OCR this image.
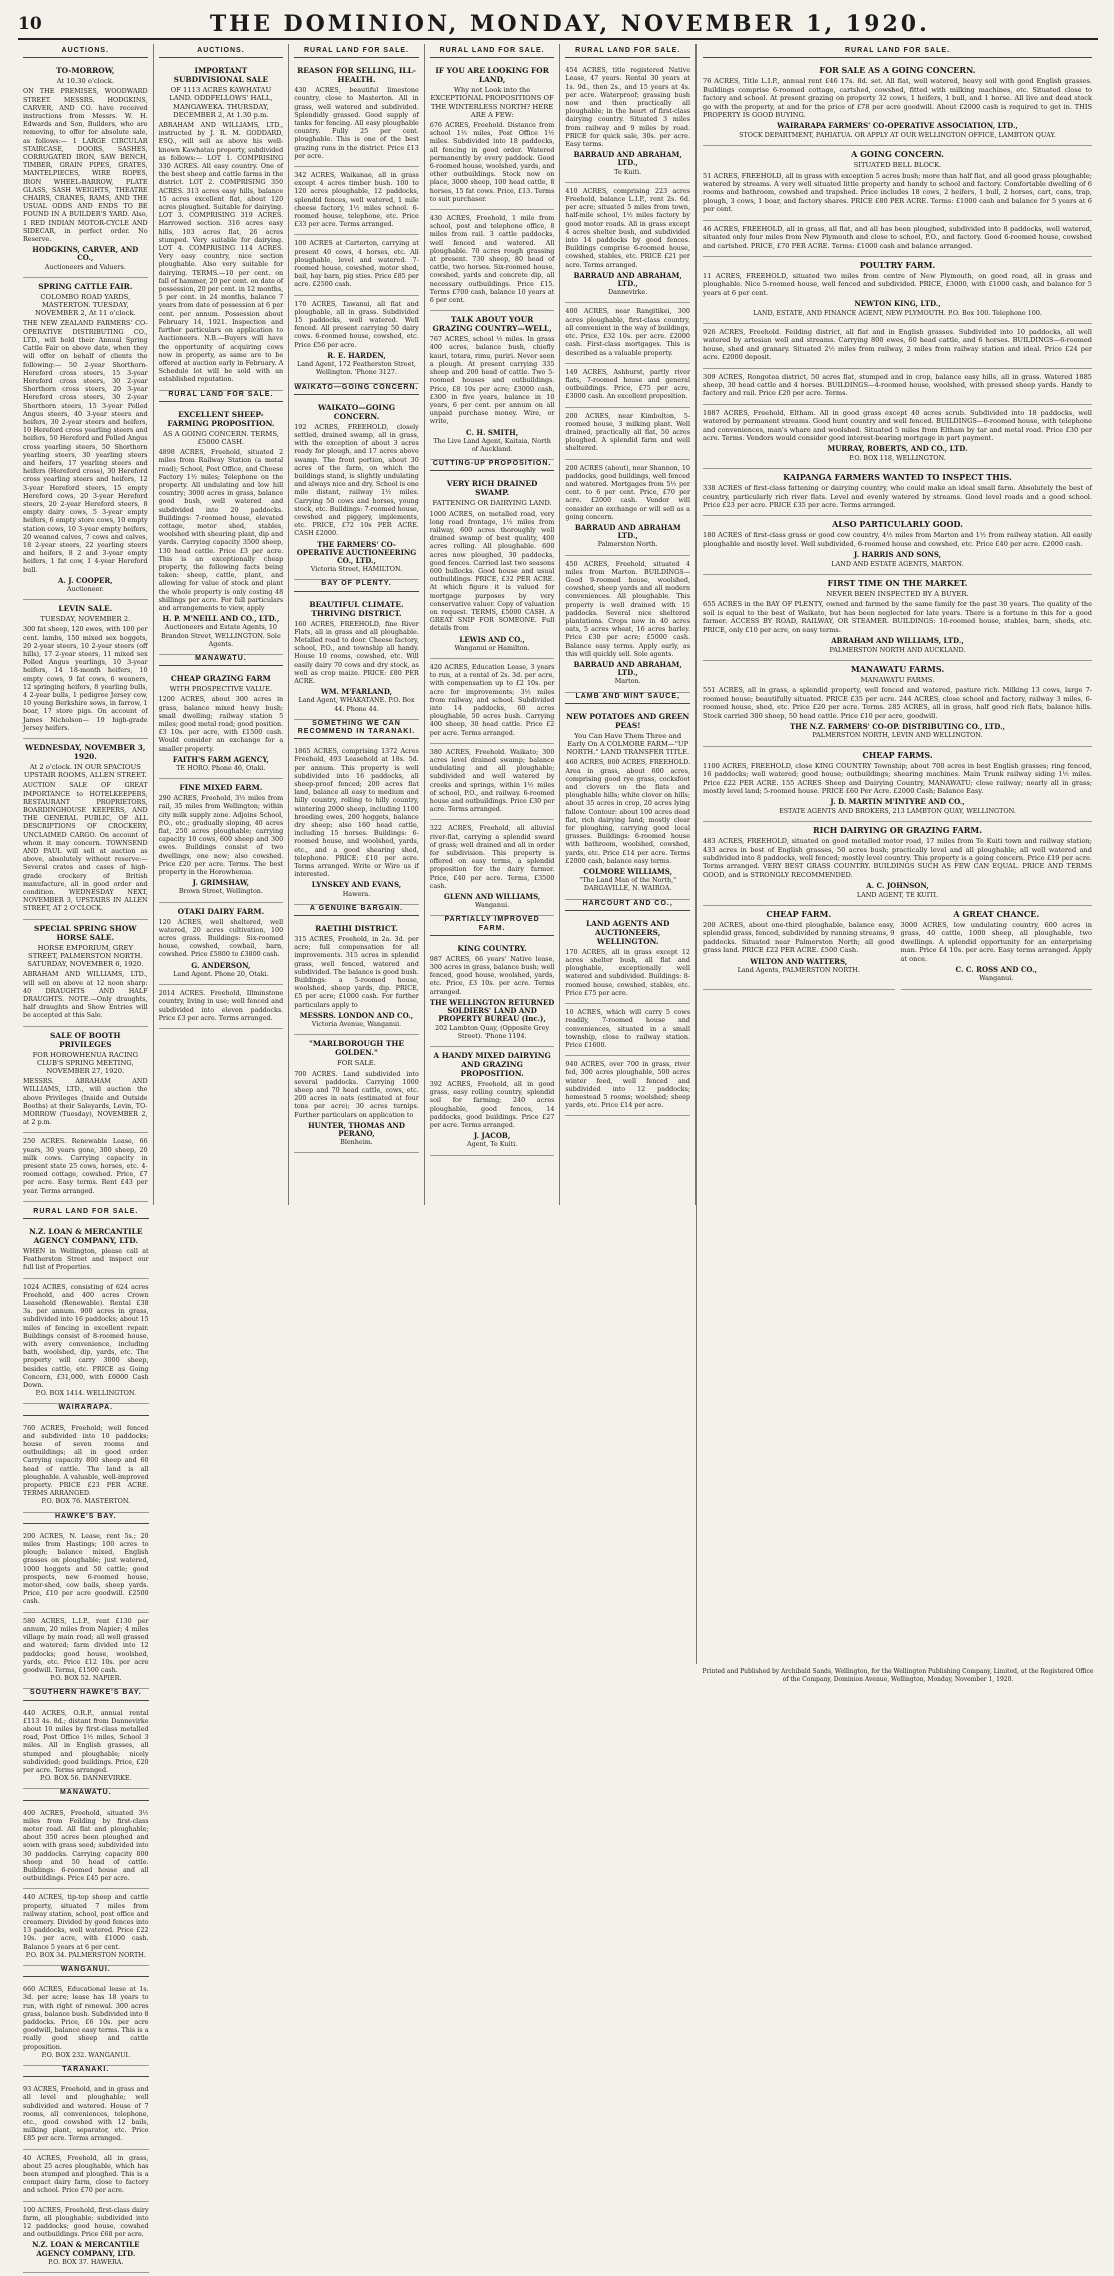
10	THE DOMINION, MONDAY, NOVEMBER 1, 1920.
AUCTIONS.
TO-MORROW,
At 10.30 o'clock.
ON THE PREMISES, WOODWARD STREET. MESSRS. HODGKINS, CARVER, AND CO. have received instructions from Messrs. W. H. Edwards and Son, Builders, who are removing, to offer for absolute sale, as follows:— 1 LARGE CIRCULAR STAIRCASE, DOORS, SASHES, CORRUGATED IRON, SAW BENCH, TIMBER, GRAIN PIPES, GRATES, MANTELPIECES, WIRE ROPES, IRON WHEEL-BARROW, PLATE GLASS, SASH WEIGHTS, THEATRE CHAIRS, CRANES, RAMS, AND THE USUAL ODDS AND ENDS TO BE FOUND IN A BUILDER'S YARD. Also, 1 RED INDIAN MOTOR-CYCLE AND SIDECAR, in perfect order. No Reserve.
HODGKINS, CARVER, AND CO.,
Auctioneers and Valuers.
SPRING CATTLE FAIR.
COLOMBO ROAD YARDS, MASTERTON. TUESDAY, NOVEMBER 2, At 11 o'clock.
THE NEW ZEALAND FARMERS' CO-OPERATIVE DISTRIBUTING CO., LTD., will hold their Annual Spring Cattle Fair on above date, when they will offer on behalf of clients the following:— 50 2-year Shorthorn-Hereford cross steers, 15 3-year Hereford cross steers, 30 2-year Shorthorn cross steers, 20 3-year Hereford cross steers, 30 2-year Shorthorn steers, 15 3-year Polled Angus steers, 40 3-year steers and heifers, 30 2-year steers and heifers, 10 Hereford cross yearling steers and heifers, 50 Hereford and Polled Angus cross yearling steers, 50 Shorthorn yearling steers, 30 yearling steers and heifers, 17 yearling steers and heifers (Hereford cross), 30 Hereford cross yearling steers and heifers, 12 3-year Hereford steers, 15 empty Hereford cows, 20 3-year Hereford steers, 20 2-year Hereford steers, 8 empty dairy cows, 5 3-year empty heifers, 6 empty store cows, 10 empty station cows, 10 3-year empty heifers, 20 weaned calves, 7 cows and calves, 18 2-year steers, 22 yearling steers and heifers, 8 2 and 3-year empty heifers, 1 fat cow, 1 4-year Hereford bull.
A. J. COOPER,
Auctioneer.
LEVIN SALE.
TUESDAY, NOVEMBER 2.
300 fat sheep, 120 ewes, with 100 per cent. lambs, 150 mixed sex hoggets, 20 2-year steers, 10 2-year steers (off hills), 17 2-year steers, 11 mixed sex Polled Angus yearlings, 10 3-year heifers, 14 18-month heifers, 10 empty cows, 9 fat cows, 6 weaners, 12 springing heifers, 8 yearling bulls, 4 2-year bulls, 1 pedigree Jersey cow, 10 young Berkshire sows, in farrow, 1 boar, 17 store pigs. On account of James Nicholson— 19 high-grade Jersey heifers.
WEDNESDAY, NOVEMBER 3, 1920.
At 2 o'clock. IN OUR SPACIOUS UPSTAIR ROOMS, ALLEN STREET.
AUCTION SALE OF GREAT IMPORTANCE to HOTELKEEPERS, RESTAURANT PROPRIETORS, BOARDINGHOUSE KEEPERS, AND THE GENERAL PUBLIC, OF ALL DESCRIPTIONS OF CROCKERY, UNCLAIMED CARGO. On account of whom it may concern. TOWNSEND AND PAUL will sell at auction as above, absolutely without reserve:— Several crates and cases of high-grade crockery of British manufacture, all in good order and condition. WEDNESDAY NEXT, NOVEMBER 3, UPSTAIRS IN ALLEN STREET, AT 2 O'CLOCK.
SPECIAL SPRING SHOW HORSE SALE.
HORSE EMPORIUM, GREY STREET, PALMERSTON NORTH. SATURDAY, NOVEMBER 6, 1920.
ABRAHAM AND WILLIAMS, LTD., will sell on above at 12 noon sharp: 40 DRAUGHTS AND HALF DRAUGHTS. NOTE.—Only draughts, half draughts and Show Entries will be accepted at this Sale.
SALE OF BOOTH PRIVILEGES
FOR HOROWHENUA RACING CLUB'S SPRING MEETING, NOVEMBER 27, 1920.
MESSRS. ABRAHAM AND WILLIAMS, LTD., will auction the above Privileges (Inside and Outside Booths) at their Saleyards, Levin, TO-MORROW (Tuesday), NOVEMBER 2, at 2 p.m.
250 ACRES. Renewable Lease, 66 years, 30 years gone, 300 sheep, 20 milk cows. Carrying capacity in present state 25 cows, horses, etc. 4-roomed cottage, cowshed. Price, £7 per acre. Easy terms. Rent £43 per year. Terms arranged.
AUCTIONS.
IMPORTANT SUBDIVISIONAL SALE
OF 1113 ACRES KAWHATAU LAND. ODDFELLOWS' HALL, MANGAWEKA. THURSDAY, DECEMBER 2, At 1.30 p.m.
ABRAHAM AND WILLIAMS, LTD., instructed by J. R. M. GODDARD, ESQ., will sell as above his well-known Kawhatau property, subdivided as follows:— LOT 1. COMPRISING 330 ACRES. All easy country. One of the best sheep and cattle farms in the district. LOT 2. COMPRISING 350 ACRES. 313 acres easy hills, balance 15 acres excellent flat, about 120 acres ploughed. Suitable for dairying. LOT 3. COMPRISING 319 ACRES. Harrowed section. 316 acres easy hills, 103 acres flat, 26 acres stumped. Very suitable for dairying. LOT 4. COMPRISING 114 ACRES. Very easy country, nice section ploughable. Also very suitable for dairying. TERMS.—10 per cent. on fall of hammer, 20 per cent. on date of possession, 20 per cent. in 12 months, 5 per cent. in 24 months, balance 7 years from date of possession at 6 per cent. per annum. Possession about February 14, 1921. Inspection and further particulars on application to Auctioneers. N.B.—Buyers will have the opportunity of acquiring cows now in property, as same are to be offered at auction early in February. A Schedule lot will be sold with an established reputation.
RURAL LAND FOR SALE.
EXCELLENT SHEEP-FARMING PROPOSITION.
AS A GOING CONCERN. TERMS, £5000 CASH.
4898 ACRES, Freehold, situated 2 miles from Railway Station (a metal road); School, Post Office, and Cheese Factory 1½ miles; Telephone on the property. All undulating and low hill country; 3000 acres in grass, balance good bush, well watered and subdivided into 20 paddocks. Buildings: 7-roomed house, elevated cottage, motor shed, stables, woolshed with shearing plant, dip and yards. Carrying capacity 3500 sheep, 130 head cattle. Price £3 per acre. This is an exceptionally cheap property, the following facts being taken: sheep, cattle, plant, and allowing for value of stock and plant the whole property is only costing 48 shillings per acre. For full particulars and arrangements to view, apply
H. P. M'NEILL AND CO., LTD.,
Auctioneers and Estate Agents, 10 Brandon Street, WELLINGTON. Sole Agents.
MANAWATU.
CHEAP GRAZING FARM
WITH PROSPECTIVE VALUE.
1200 ACRES, about 300 acres in grass, balance mixed heavy bush; small dwelling; railway station 5 miles; good metal road; good position. £3 10s. per acre, with £1500 cash. Would consider an exchange for a smaller property.
FAITH'S FARM AGENCY,
TE HORO. Phone 46, Otaki.
FINE MIXED FARM.
290 ACRES, Freehold, 3½ miles from rail, 35 miles from Wellington; within city milk supply zone. Adjoins School, P.O., etc.; gradually sloping, 40 acres flat, 250 acres ploughable; carrying capacity 10 cows, 600 sheep and 300 ewes. Buildings consist of two dwellings, one new; also cowshed. Price £20 per acre. Terms. The best property in the Horowhenua.
J. GRIMSHAW,
Brown Street, Wellington.
OTAKI DAIRY FARM.
120 ACRES, well sheltered, well watered, 20 acres cultivation, 100 acres grass. Buildings: Six-roomed house, cowshed, cowbail, barn, cowshed. Price £5800 to £3800 cash.
G. ANDERSON,
Land Agent. Phone 20, Otaki.
2014 ACRES. Freehold, Illminstone country, living in use; well fenced and subdivided into eleven paddocks. Price £3 per acre. Terms arranged.
RURAL LAND FOR SALE.
REASON FOR SELLING, ILL-HEALTH.
430 ACRES, beautiful limestone country, close to Masterton. All in grass, well watered and subdivided. Splendidly grassed. Good supply of tanks for fencing. All easy ploughable country. Fully 25 per cent. ploughable. This is one of the best grazing runs in the district. Price £13 per acre.
342 ACRES, Waikanae, all in grass except 4 acres timber bush. 100 to 120 acres ploughable, 12 paddocks, splendid fences, well watered, 1 mile cheese factory, 1½ miles school. 6-roomed house, telephone, etc. Price £33 per acre. Terms arranged.
100 ACRES at Carterton, carrying at present 40 cows, 4 horses, etc. All ploughable, level and watered. 7-roomed house, cowshed, motor shed, bail, hay barn, pig sties. Price £85 per acre. £2500 cash.
170 ACRES, Tawanui, all flat and ploughable, all in grass. Subdivided 15 paddocks, well watered. Well fenced. All present carrying 50 dairy cows. 6-roomed house, cowshed, etc. Price £56 per acre.
R. E. HARDEN,
Land Agent, 172 Featherston Street, Wellington. 'Phone 3127.
WAIKATO—GOING CONCERN.
WAIKATO—GOING CONCERN.
192 ACRES, FREEHOLD, closely settled, drained swamp, all in grass, with the exception of about 3 acres ready for plough, and 17 acres above swamp. The front portion, about 30 acres of the farm, on which the buildings stand, is slightly undulating and always nice and dry. School is one mile distant, railway 1½ miles. Carrying 50 cows and horses, young stock, etc. Buildings: 7-roomed house, cowshed and piggery, implements, etc. PRICE, £72 10s PER ACRE. CASH £2000.
THE FARMERS' CO-OPERATIVE AUCTIONEERING CO., LTD.,
Victoria Street, HAMILTON.
BAY OF PLENTY.
BEAUTIFUL CLIMATE. THRIVING DISTRICT.
160 ACRES, FREEHOLD, fine River Flats, all in grass and all ploughable. Metalled road to door. Cheese factory, school, P.O., and township all handy. House 10 rooms, cowshed, etc. Will easily dairy 70 cows and dry stock, as well as crop maize. PRICE: £80 PER ACRE.
WM. M'FARLAND,
Land Agent, WHAKATANE. P.O. Box 44. Phone 44.
SOMETHING WE CAN RECOMMEND IN TARANAKI.
1865 ACRES, comprising 1372 Acres Freehold, 493 Leasehold at 18s. 5d. per annum. This property is well subdivided into 16 paddocks, all sheep-proof fenced; 200 acres flat land, balance all easy to medium and hilly country, rolling to hilly country, wintering 2000 sheep, including 1100 breeding ewes, 200 hoggets, balance dry sheep; also 160 head cattle, including 15 horses. Buildings: 6-roomed house, and woolshed, yards, etc., and a good shearing shed, telephone. PRICE: £10 per acre. Terms arranged. Write or Wire us if interested.
LYNSKEY AND EVANS,
Hawera.
A GENUINE BARGAIN.
RAETIHI DISTRICT.
315 ACRES, Freehold, in 2a. 3d. per acre; full compensation for all improvements. 315 acres in splendid grass, well fenced, watered and subdivided. The balance is good bush. Buildings: a 5-roomed house, woolshed, sheep yards, dip. PRICE, £5 per acre; £1000 cash. For further particulars apply to
MESSRS. LONDON AND CO.,
Victoria Avenue, Wanganui.
"MARLBOROUGH THE GOLDEN."
FOR SALE.
700 ACRES. Land subdivided into several paddocks. Carrying 1000 sheep and 70 head cattle, cows, etc. 200 acres in oats (estimated at four tons per acre); 30 acres turnips. Further particulars on application to
HUNTER, THOMAS AND PERANO,
Blenheim.
RURAL LAND FOR SALE.
IF YOU ARE LOOKING FOR LAND,
Why not Look into the EXCEPTIONAL PROPOSITIONS OF THE WINTERLESS NORTH? HERE ARE A FEW:
676 ACRES, Freehold. Distance from school 1½ miles, Post Office 1½ miles. Subdivided into 18 paddocks, all fencing in good order. Watered permanently by every paddock. Good 6-roomed house, woolshed, yards, and other outbuildings. Stock now on place, 3000 sheep, 100 head cattle, 8 horses, 15 fat cows. Price, £13. Terms to suit purchaser.
430 ACRES, Freehold, 1 mile from school, post and telephone office, 8 miles from rail. 3 cattle paddocks, well fenced and watered. All ploughable. 70 acres rough grassing at present. 730 sheep, 80 head of cattle, two horses. Six-roomed house, cowshed, yards and concrete dip, all necessary outbuildings. Price £15. Terms £700 cash, balance 10 years at 6 per cent.
TALK ABOUT YOUR GRAZING COUNTRY—WELL,
767 ACRES, school ½ miles. In grass 400 acres, balance bush, chiefly kauri, totara, rimu, puriri. Never seen a plough. At present carrying 335 sheep and 200 head of cattle. Two 5-roomed houses and outbuildings. Price, £8 10s per acre; £3000 cash, £300 in five years, balance in 10 years, 6 per cent. per annum on all unpaid purchase money. Wire, or write,
C. H. SMITH,
The Live Land Agent, Kaitaia, North of Auckland.
CUTTING-UP PROPOSITION.
VERY RICH DRAINED SWAMP.
FATTENING OR DAIRYING LAND.
1000 ACRES, on metalled road, very long road frontage, 1½ miles from railway, 600 acres thoroughly well drained swamp of best quality, 400 acres rolling. All ploughable. 600 acres now ploughed, 30 paddocks, good fences. Carried last two seasons 600 bullocks. Good house and usual outbuildings. PRICE, £32 PER ACRE. At which figure it is valued for mortgage purposes by very conservative valuer. Copy of valuation on request. TERMS, £5000 CASH. A GREAT SNIP FOR SOMEONE. Full details from
LEWIS AND CO.,
Wanganui or Hamilton.
420 ACRES, Education Lease, 3 years to run, at a rental of 2s. 3d. per acre, with compensation up to £2 10s. per acre for improvements; 3½ miles from railway, and school. Subdivided into 14 paddocks, 60 acres ploughable, 50 acres bush. Carrying 400 sheep, 30 head cattle. Price £2 per acre. Terms arranged.
380 ACRES, Freehold. Waikato; 300 acres level drained swamp; balance undulating and all ploughable; subdivided and well watered by creeks and springs, within 1½ miles of school, P.O., and railway. 6-roomed house and outbuildings. Price £30 per acre. Terms arranged.
322 ACRES, Freehold, all alluvial river-flat, carrying a splendid sward of grass; well drained and all in order for subdivision. This property is offered on easy terms, a splendid proposition for the dairy farmer. Price, £40 per acre. Terms, £3500 cash.
GLENN AND WILLIAMS,
Wanganui.
PARTIALLY IMPROVED FARM.
KING COUNTRY.
987 ACRES, 66 years' Native lease, 300 acres in grass, balance bush; well fenced, good house, woolshed, yards, etc. Price, £3 10s. per acre. Terms arranged.
THE WELLINGTON RETURNED SOLDIERS' LAND AND PROPERTY BUREAU (Inc.),
202 Lambton Quay, (Opposite Grey Street). 'Phone 1194.
A HANDY MIXED DAIRYING AND GRAZING PROPOSITION.
392 ACRES, Freehold, all in good grass, easy rolling country, splendid soil for farming; 240 acres ploughable, good fences, 14 paddocks, good buildings. Price £27 per acre. Terms arranged.
J. JACOB,
Agent, Te Kuiti.
RURAL LAND FOR SALE.
454 ACRES, title registered Native Lease, 47 years. Rental 30 years at 1s. 9d., then 2s., and 15 years at 4s. per acre. Waterproof; grassing bush now and then practically all ploughable; in the heart of first-class dairying country. Situated 3 miles from railway and 9 miles by road. PRICE for quick sale, 30s. per acre. Easy terms.
BARRAUD AND ABRAHAM, LTD.,
Te Kuiti.
410 ACRES, comprising 223 acres Freehold, balance L.I.P., rent 2s. 6d. per acre; situated 5 miles from town, half-mile school, 1½ miles factory by good motor roads. All in grass except 4 acres shelter bush, and subdivided into 14 paddocks by good fences. Buildings comprise 6-roomed house, cowshed, stables, etc. PRICE £21 per acre. Terms arranged.
BARRAUD AND ABRAHAM, LTD.,
Dannevirke.
400 ACRES, near Rangitikei, 300 acres ploughable, first-class country, all convenient in the way of buildings, etc. Price, £32 10s. per acre. £2000 cash. First-class mortgages. This is described as a valuable property.
149 ACRES, Ashhurst, partly river flats, 7-roomed house and general outbuildings. Price, £75 per acre, £3000 cash. An excellent proposition.
200 ACRES, near Kimbolton, 5-roomed house, 3 milking plant. Well drained, practically all flat, 50 acres ploughed. A splendid farm and well sheltered.
200 ACRES (about), near Shannon, 10 paddocks, good buildings, well fenced and watered. Mortgages from 5½ per cent. to 6 per cent. Price, £70 per acre. £2000 cash. Vendor will consider an exchange or will sell as a going concern.
BARRAUD AND ABRAHAM LTD.,
Palmerston North.
450 ACRES, Freehold, situated 4 miles from Marton. BUILDINGS—Good 9-roomed house, woolshed, cowshed, sheep yards and all modern conveniences. All ploughable. This property is well drained with 15 paddocks. Several nice sheltered plantations. Crops now in 40 acres oats, 5 acres wheat, 16 acres barley. Price £30 per acre; £5000 cash. Balance easy terms. Apply early, as this will quickly sell. Sole agents.
BARRAUD AND ABRAHAM, LTD.,
Marton.
LAMB AND MINT SAUCE,
NEW POTATOES AND GREEN PEAS!
You Can Have Them Three and Early On A COLMORE FARM—"UP NORTH." LAND TRANSFER TITLE.
460 ACRES, 800 ACRES, FREEHOLD. Area in grass, about 600 acres, comprising good rye grass, cocksfoot and clovers on the flats and ploughable hills; white clover on hills; about 35 acres in crop, 20 acres lying fallow. Contour: about 100 acres dead flat, rich dairying land; mostly clear for ploughing, carrying good local grasses. Buildings: 6-roomed house with bathroom, woolshed, cowshed, yards, etc. Price £14 per acre. Terms £2000 cash, balance easy terms.
COLMORE WILLIAMS,
"The Land Man of the North," DARGAVILLE, N. WAIROA.
HARCOURT AND CO.,
LAND AGENTS AND AUCTIONEERS, WELLINGTON.
170 ACRES, all in grass except 12 acres shelter bush, all flat and ploughable, exceptionally well watered and subdivided. Buildings: 8-roomed house, cowshed, stables, etc. Price £75 per acre.
10 ACRES, which will carry 5 cows readily, 7-roomed house and conveniences, situated in a small township, close to railway station. Price £1600.
940 ACRES, over 700 in grass, river fed, 300 acres ploughable, 500 acres winter feed, well fenced and subdivided into 12 paddocks; homestead 5 rooms; woolshed; sheep yards, etc. Price £14 per acre.
RURAL LAND FOR SALE.
N.Z. LOAN & MERCANTILE AGENCY COMPANY, LTD.
WHEN in Wellington, please call at Featherston Street and inspect our full list of Properties.
1024 ACRES, consisting of 624 acres Freehold, and 400 acres Crown Leasehold (Renewable). Rental £38 3s. per annum. 900 acres in grass, subdivided into 16 paddocks; about 15 miles of fencing in excellent repair. Buildings consist of 8-roomed house, with every convenience, including bath, woolshed, dip, yards, etc. The property will carry 3000 sheep, besides cattle, etc. PRICE as Going Concern, £31,000, with £6000 Cash Down.
P.O. BOX 1414. WELLINGTON.
WAIRARAPA.
760 ACRES, Freehold; well fenced and subdivided into 10 paddocks; house of seven rooms and outbuildings; all in good order. Carrying capacity 800 sheep and 60 head of cattle. The land is all ploughable. A valuable, well-improved property. PRICE £23 PER ACRE. TERMS ARRANGED.
P.O. BOX 76. MASTERTON.
HAWKE'S BAY.
200 ACRES, N. Lease, rent 5s.; 20 miles from Hastings; 100 acres to plough; balance mixed, English grasses on ploughable; just watered, 1000 hoggets and 50 cattle; good prospects, new 6-roomed house, motor-shed, cow bails, sheep yards. Price, £10 per acre goodwill. £2500 cash.
580 ACRES, L.I.P., rent £130 per annum, 20 miles from Napier; 4 miles village by main road; all well grassed and watered; farm divided into 12 paddocks; good house, woolshed, yards, etc. Price £12 10s. per acre goodwill. Terms, £1500 cash.
P.O. BOX 52. NAPIER.
SOUTHERN HAWKE'S BAY.
440 ACRES, O.R.P., annual rental £113 4s. 8d.; distant from Dannevirke about 10 miles by first-class metalled road, Post Office 1½ miles, School 3 miles. All in English grasses, all stumped and ploughable; nicely subdivided; good buildings. Price, £20 per acre. Terms arranged.
P.O. BOX 56. DANNEVIRKE.
MANAWATU.
400 ACRES, Freehold, situated 3½ miles from Feilding by first-class motor road. All flat and ploughable; about 350 acres been ploughed and sown with grass seed; subdivided into 30 paddocks. Carrying capacity 800 sheep and 50 head of cattle. Buildings: 6-roomed house and all outbuildings. Price £45 per acre.
440 ACRES, tip-top sheep and cattle property, situated 7 miles from railway station, school, post office and creamery. Divided by good fences into 13 paddocks, well watered. Price £22 10s. per acre, with £1000 cash. Balance 5 years at 6 per cent.
P.O. BOX 34. PALMERSTON NORTH.
WANGANUI.
660 ACRES, Educational lease at 1s. 3d. per acre; lease has 18 years to run, with right of renewal. 300 acres grass, balance bush. Subdivided into 8 paddocks. Price, £6 10s. per acre goodwill, balance easy terms. This is a really good sheep and cattle proposition.
P.O. BOX 232. WANGANUI.
TARANAKI.
93 ACRES, Freehold, and in grass and all level and ploughable; well subdivided and watered. House of 7 rooms, all conveniences, telephone, etc., good cowshed with 12 bails, milking plant, separator, etc. Price £85 per acre. Terms arranged.
40 ACRES, Freehold, all in grass, about 25 acres ploughable, which has been stumped and ploughed. This is a compact dairy farm, close to factory and school. Price £70 per acre.
100 ACRES, Freehold, first-class dairy farm, all ploughable; subdivided into 12 paddocks; good house, cowshed and outbuildings. Price £68 per acre.
N.Z. LOAN & MERCANTILE AGENCY COMPANY, LTD.
P.O. BOX 37. HAWERA.
RURAL LAND FOR SALE.
FOR SALE AS A GOING CONCERN.
76 ACRES, Title L.I.P., annual rent £46 17s. 8d. set. All flat, well watered, heavy soil with good English grasses. Buildings comprise 6-roomed cottage, cartshed, cowshed, fitted with milking machines, etc. Situated close to factory and school. At present grazing on property 32 cows, 1 heifers, 1 bull, and 1 horse. All live and dead stock go with the property, at and for the price of £78 per acre goodwill. About £2000 cash is required to get in. THIS PROPERTY IS GOOD BUYING.
WAIRARAPA FARMERS' CO-OPERATIVE ASSOCIATION, LTD.,
STOCK DEPARTMENT, PAHIATUA. OR APPLY AT OUR WELLINGTON OFFICE, LAMBTON QUAY.
A GOING CONCERN.
SITUATED BELL BLOCK.
51 ACRES, FREEHOLD, all in grass with exception 5 acres bush; more than half flat, and all good grass ploughable; watered by streams. A very well situated little property and handy to school and factory. Comfortable dwelling of 6 rooms and bathroom, cowshed and trapshed. Price includes 18 cows, 2 heifers, 1 bull, 2 horses, cart, cans, trap, plough, 3 cows, 1 boar, and factory shares. PRICE £80 PER ACRE. Terms: £1000 cash and balance for 5 years at 6 per cent.
46 ACRES, FREEHOLD, all in grass, all flat, and all has been ploughed, subdivided into 8 paddocks, well watered, situated only four miles from New Plymouth and close to school, P.O., and factory. Good 6-roomed house, cowshed and cartshed. PRICE, £70 PER ACRE. Terms: £1000 cash and balance arranged.
POULTRY FARM.
11 ACRES, FREEHOLD, situated two miles from centre of New Plymouth, on good road, all in grass and ploughable. Nice 5-roomed house, well fenced and subdivided. PRICE, £3000, with £1000 cash, and balance for 5 years at 6 per cent.
NEWTON KING, LTD.,
LAND, ESTATE, AND FINANCE AGENT, NEW PLYMOUTH. P.O. Box 100. Telephone 100.
926 ACRES, Freehold. Feilding district, all flat and in English grasses. Subdivided into 10 paddocks, all well watered by artesian well and streams. Carrying 800 ewes, 60 head cattle, and 6 horses. BUILDINGS—6-roomed house, shed and granary. Situated 2½ miles from railway, 2 miles from railway station and ideal. Price £24 per acre. £2000 deposit.
309 ACRES, Rongotea district, 50 acres flat, stumped and in crop, balance easy hills, all in grass. Watered 1885 sheep, 30 head cattle and 4 horses. BUILDINGS—4-roomed house, woolshed, with pressed sheep yards. Handy to factory and rail. Price £20 per acre. Terms.
1887 ACRES, Freehold, Eltham. All in good grass except 40 acres scrub. Subdivided into 18 paddocks, well watered by permanent streams. Good hunt country and well fenced. BUILDINGS—6-roomed house, with telephone and conveniences, man's whare and woolshed. Situated 5 miles from Eltham by tar and metal road. Price £30 per acre. Terms. Vendors would consider good interest-bearing mortgage in part payment.
MURRAY, ROBERTS, AND CO., LTD.
P.O. BOX 118, WELLINGTON.
KAIPANGA FARMERS WANTED TO INSPECT THIS.
338 ACRES of first-class fattening or dairying country, who could make an ideal small farm. Absolutely the best of country, particularly rich river flats. Level and evenly watered by streams. Good level roads and a good school. Price £23 per acre. PRICE £35 per acre. Terms arranged.
ALSO PARTICULARLY GOOD.
180 ACRES of first-class grass or good cow country, 4½ miles from Marton and 1½ from railway station. All easily ploughable and mostly level. Well subdivided, 6-roomed house and cowshed, etc. Price £40 per acre. £2000 cash.
J. HARRIS AND SONS,
LAND AND ESTATE AGENTS, MARTON.
FIRST TIME ON THE MARKET.
NEVER BEEN INSPECTED BY A BUYER.
655 ACRES in the BAY OF PLENTY, owned and farmed by the same family for the past 30 years. The quality of the soil is equal to the best of Waikato, but has been neglected for late years. There is a fortune in this for a good farmer. ACCESS BY ROAD, RAILWAY, OR STEAMER. BUILDINGS: 10-roomed house, stables, barn, sheds, etc. PRICE, only £10 per acre, on easy terms.
ABRAHAM AND WILLIAMS, LTD.,
PALMERSTON NORTH AND AUCKLAND.
MANAWATU FARMS.
MANAWATU FARMS.
551 ACRES, all in grass, a splendid property, well fenced and watered, pasture rich. Milking 13 cows, large 7-roomed house; beautifully situated. PRICE £35 per acre. 244 ACRES, close school and factory, railway 3 miles, 6-roomed house, shed, etc. Price £20 per acre. Terms. 285 ACRES, all in grass, half good rich flats, balance hills. Stock carried 300 sheep, 50 head cattle. Price £10 per acre, goodwill.
THE N.Z. FARMERS' CO-OP. DISTRIBUTING CO., LTD.,
PALMERSTON NORTH, LEVIN AND WELLINGTON.
CHEAP FARMS.
1100 ACRES, FREEHOLD, close KING COUNTRY Township; about 700 acres in best English grasses; ring fenced, 16 paddocks; well watered; good house; outbuildings; shearing machines. Main Trunk railway siding 1½ miles. Price £22 PER ACRE. 155 ACRES Sheep and Dairying Country, MANAWATU; close railway; nearly all in grass; mostly level land; 5-roomed house. PRICE £60 Per Acre. £2000 Cash; Balance Easy.
J. D. MARTIN M'INTYRE AND CO.,
ESTATE AGENTS AND BROKERS, 213 LAMBTON QUAY, WELLINGTON.
RICH DAIRYING OR GRAZING FARM.
483 ACRES, FREEHOLD, situated on good metalled motor road, 17 miles from Te Kuiti town and railway station; 433 acres in best of English grasses, 50 acres bush; practically level and all ploughable; all well watered and subdivided into 8 paddocks, well fenced; mostly level country. This property is a going concern. Price £19 per acre. Terms arranged. VERY BEST GRASS COUNTRY. BUILDINGS SUCH AS FEW CAN EQUAL. PRICE AND TERMS GOOD, and is STRONGLY RECOMMENDED.
A. C. JOHNSON,
LAND AGENT, TE KUITI.
CHEAP FARM.
200 ACRES, about one-third ploughable, balance easy, splendid grass, fenced, subdivided by running streams, 9 paddocks. Situated near Palmerston North; all good grass land. PRICE £22 PER ACRE. £500 Cash.
WILTON AND WATTERS,
Land Agents, PALMERSTON NORTH.
A GREAT CHANCE.
3000 ACRES, low undulating country, 600 acres in grass, 40 cattle, 1000 sheep, all ploughable, two dwellings. A splendid opportunity for an enterprising man. Price £4 10s. per acre. Easy terms arranged. Apply at once.
C. C. ROSS AND CO.,
Wanganui.
Printed and Published by Archibald Sands, Wellington, for the Wellington Publishing Company, Limited, at the Registered Office of the Company, Dominion Avenue, Wellington, Monday, November 1, 1920.
